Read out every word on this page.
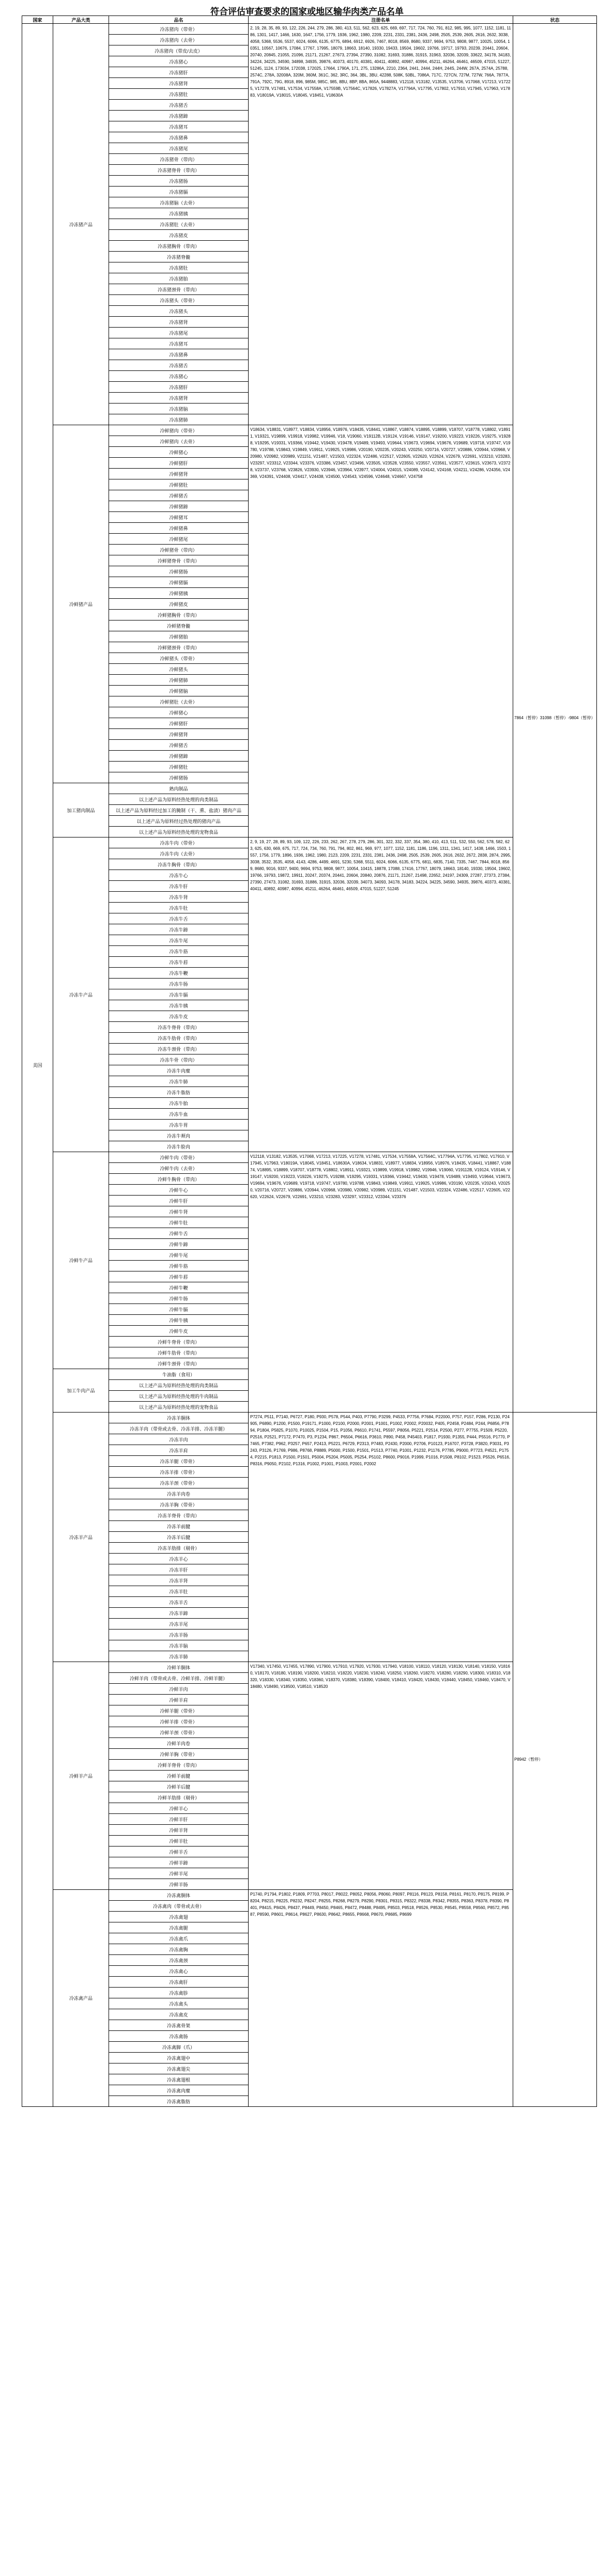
符合评估审查要求的国家或地区输华肉类产品名单
国家	产品大类	品名	注册名单	状态
美国	冷冻猪产品	冷冻猪肉（带骨）	2, 19, 28, 35, 89, 93, 122, 226, 244, 279, 286, 380, 413, 511, 562, 623, 625, 669, 697, 717, 724, 760, 791, 812, 985, 995, 1077, 1152, 1181, 1186, 1301, 1417, 1466, 1630, 1647, 1756, 1779, 1936, 1962, 1980, 2209, 2231, 2331, 2381, 2436, 2498, 2505, 2539, 2605, 2616, 2632, 3038, 4058, 5368, 5536, 5537, 6024, 6066, 6135, 6775, 6894, 6912, 6926, 7467, 8018, 8569, 8680, 9337, 9694, 9753, 9808, 9877, 10025, 10054, 10351, 10567, 10676, 17084, 17767, 17995, 18079, 18663, 18140, 19330, 19433, 19504, 19602, 19766, 19717, 19793, 20239, 20441, 20604, 20740, 20845, 21055, 21096, 21171, 21267, 27673, 27394, 27390, 31082, 31693, 31886, 31915, 31963, 32036, 32039, 33622, 34178, 34183, 34224, 34225, 34590, 34898, 34935, 39876, 40373, 40170, 40381, 40411, 40892, 40987, 40994, 45211, 46264, 46461, 46509, 47015, 51227, 51245, 1124, 173034, 172038, 172025, 17664, 1790A, 171, 275, 13286A, 2210, 2364, 2441, 2444, 244H, 244S, 244W, 267A, 2574A, 25788, 2574C, 278A, 32008A, 320M, 360M, 361C, 362, 3RC, 364, 3BL, 3BU, 42288, 508K, 50BL, 7086A, 717C, 727CN, 727M, 727W, 766A, 7877A, 791A, 792C, 79G, 8918, 896, 985M, 985C, 985, 8BU, 8BP, 8BA, 865A, 9448883, V12118, V13182, V13535, V13706, V17068, V17213, V17225, V17278, V17481, V17534, V17558A, V17559B, V17564C, V17826, V17827A, V17794A, V17795, V17802, V17910, V17945, V17963, V17883, V18019A, V18015, V18045, V18451, V18630A	7864（暂停）31098（暂停）-9804（暂停）
		冷冻猪肉（去骨）		
		冷冻猪肉（带皮/去皮）		
		冷冻猪心		
		冷冻猪肝		
		冷冻猪肾		
		冷冻猪肚		
		冷冻猪舌		
		冷冻猪蹄		
		冷冻猪耳		
		冷冻猪鼻		
		冷冻猪尾		
		冷冻猪骨（带肉）		
		冷冻猪脊骨（带肉）		
		冷冻猪肠		
		冷冻猪膈		
		冷冻猪脑（去骨）		
		冷冻猪胰		
		冷冻猪肚（去骨）		
		冷冻猪皮		
		冷冻猪胸骨（带肉）		
		冷冻猪脊髓		
		冷冻猪肚		
		冷冻猪胎		
		冷冻猪颈骨（带肉）		
		冷冻猪头（带骨）		
		冷冻猪头		
		冷冻猪肾		
		冷冻猪尾		
		冷冻猪耳		
		冷冻猪鼻		
		冷冻猪舌		
		冷冻猪心		
		冷冻猪肝		
		冷冻猪肾		
		冷冻猪脑		
		冷冻猪肺		
	冷鲜猪产品	冷鲜猪肉（带骨）	V18634, V18831, V18977, V18834, V18956, V18976, V18435, V18441, V18867, V18874, V18895, V18899, V18707, V18778, V18802, V18911, V19321, V19899, V19918, V19982, V19946, V18, V19060, V19112B, V19124, V19146, V19147, V19200, V19223, V19226, V19275, V19288, V19295, V19331, V19366, V19442, V19430, V19478, V19489, V19493, V19644, V19673, V19694, V19676, V19689, V19718, V19747, V19780, V19788, V19843, V19849, V19911, V19925, V19986, V20190, V20235, V20243, V20250, V20716, V20727, V20886, V20944, V20968, V20980, V20982, V20989, V21151, V21487, V21503, V22324, V22486, V22517, V22605, V22620, V22624, V22679, V22691, V23210, V23283, V23297, V23312, V23344, V23376, V23386, V23457, V23496, V23505, V23528, V23550, V23557, V23561, V23577, V23615, V23673, V23728, V23737, V23768, V23826, V23930, V23946, V23964, V23977, V24004, V24015, V24089, V24142, V24168, V24211, V24286, V24356, V24369, V24391, V24408, V24417, V24438, V24500, V24543, V24596, V24648, V24667, V24758	
		冷鲜猪肉（去骨）		
		冷鲜猪心		
		冷鲜猪肝		
		冷鲜猪肾		
		冷鲜猪肚		
		冷鲜猪舌		
		冷鲜猪蹄		
		冷鲜猪耳		
		冷鲜猪鼻		
		冷鲜猪尾		
		冷鲜猪骨（带肉）		
		冷鲜猪脊骨（带肉）		
		冷鲜猪肠		
		冷鲜猪膈		
		冷鲜猪胰		
		冷鲜猪皮		
		冷鲜猪胸骨（带肉）		
		冷鲜猪脊髓		
		冷鲜猪胎		
		冷鲜猪颈骨（带肉）		
		冷鲜猪头（带骨）		
		冷鲜猪头		
		冷鲜猪肺		
		冷鲜猪脑		
		冷鲜猪肚（去骨）		
		冷鲜猪心		
		冷鲜猪肝		
		冷鲜猪肾		
		冷鲜猪舌		
		冷鲜猪蹄		
		冷鲜猪肚		
		冷鲜猪肠		
	加工猪肉制品	熟肉制品		
		以上述产品为原料经热处理的肉类制品		
		以上述产品为原料经过加工的腌制（干、熏、盐渍）猪肉产品		
		以上述产品为原料经过热处理的猪肉产品		
		以上述产品为原料经热处理的宠物食品		
	冷冻牛产品	冷冻牛肉（带骨）	2, 9, 19, 27, 28, 89, 93, 109, 122, 226, 233, 262, 267, 278, 279, 286, 301, 322, 332, 337, 354, 380, 410, 413, 511, 532, 550, 562, 578, 582, 623, 625, 630, 669, 675, 717, 724, 734, 760, 791, 794, 802, 861, 969, 977, 1077, 1152, 1181, 1186, 1196, 1311, 1341, 1417, 1438, 1466, 1503, 1557, 1756, 1779, 1896, 1936, 1962, 1980, 2123, 2209, 2231, 2331, 2381, 2436, 2498, 2505, 2539, 2605, 2616, 2632, 2672, 2838, 2874, 2995, 3038, 3532, 3535, 4058, 4143, 4286, 4499, 4691, 5230, 5368, 5511, 6024, 6066, 6135, 6775, 6811, 6835, 7140, 7335, 7467, 7844, 8018, 8569, 8680, 9016, 9337, 9400, 9694, 9753, 9808, 9877, 10054, 10415, 18878, 17088, 17416, 17767, 18079, 18663, 18140, 19330, 19504, 19602, 19766, 19793, 19872, 19911, 20247, 20374, 20441, 20604, 20840, 20876, 21171, 21267, 21498, 22652, 24197, 24309, 27287, 27373, 27384, 27390, 27473, 31082, 31693, 31886, 31915, 32036, 32039, 34073, 34093, 34178, 34183, 34224, 34225, 34590, 34935, 39876, 40373, 40381, 40411, 40892, 40987, 40994, 45211, 46264, 46461, 46509, 47015, 51227, 51245	
		冷冻牛肉（去骨）		
		冷冻牛胸骨（带肉）		
		冷冻牛心		
		冷冻牛肝		
		冷冻牛肾		
		冷冻牛肚		
		冷冻牛舌		
		冷冻牛蹄		
		冷冻牛尾		
		冷冻牛筋		
		冷冻牛唇		
		冷冻牛鞭		
		冷冻牛肠		
		冷冻牛膈		
		冷冻牛胰		
		冷冻牛皮		
		冷冻牛脊骨（带肉）		
		冷冻牛肋骨（带肉）		
		冷冻牛颈骨（带肉）		
		冷冻牛骨（带肉）		
		冷冻牛肉糜		
		冷冻牛肺		
		冷冻牛脂肪		
		冷冻牛胎		
		冷冻牛血		
		冷冻牛胃		
		冷冻牛颊肉		
		冷冻牛脸肉		
	冷鲜牛产品	冷鲜牛肉（带骨）	V12118, V13182, V13535, V17068, V17213, V17225, V17278, V17481, V17534, V17558A, V17564C, V17794A, V17795, V17802, V17910, V17945, V17963, V18019A, V18045, V18451, V18630A, V18634, V18831, V18977, V18834, V18956, V18976, V18435, V18441, V18867, V18874, V18895, V18899, V18707, V18778, V18802, V18911, V19321, V19899, V19918, V19982, V19946, V19060, V19112B, V19124, V19146, V19147, V19200, V19223, V19226, V19275, V19288, V19295, V19331, V19366, V19442, V19430, V19478, V19489, V19493, V19644, V19673, V19694, V19676, V19689, V19718, V19747, V19780, V19788, V19843, V19849, V19911, V19925, V19986, V20190, V20235, V20243, V20250, V20716, V20727, V20886, V20944, V20968, V20980, V20982, V20989, V21151, V21487, V21503, V22324, V22486, V22517, V22605, V22620, V22624, V22679, V22691, V23210, V23283, V23297, V23312, V23344, V23376	
		冷鲜牛肉（去骨）		
		冷鲜牛胸骨（带肉）		
		冷鲜牛心		
		冷鲜牛肝		
		冷鲜牛肾		
		冷鲜牛肚		
		冷鲜牛舌		
		冷鲜牛蹄		
		冷鲜牛尾		
		冷鲜牛筋		
		冷鲜牛唇		
		冷鲜牛鞭		
		冷鲜牛肠		
		冷鲜牛膈		
		冷鲜牛胰		
		冷鲜牛皮		
		冷鲜牛脊骨（带肉）		
		冷鲜牛肋骨（带肉）		
		冷鲜牛颈骨（带肉）		
	加工牛肉产品	牛油脂（食用）		
		以上述产品为原料经热处理的肉类制品		
		以上述产品为原料经热处理的牛肉制品		
		以上述产品为原料经热处理的宠物食品		
	冷冻羊产品	冷冻羊胴体	P7274, P511, P7140, P6727, P180, P930, P578, P544, P403, P7790, P3299, P4533, P7756, P7684, P22000, P757, P157, P286, P2130, P24905, P6890, P1200, P1500, P19171, P1000, P2100, P2000, P2001, P1001, P1002, P2002, P20032, P405, P2458, P2484, P244, P6856, P7894, P1804, P5825, P1070, P10025, P1504, P15, P1056, P6610, P1741, P5597, P8056, P5221, P2514, P2500, P277, P7755, P1509, P5220, P2516, P2521, P7172, P7470, P3, P1234, P867, P6504, P6616, P3610, P890, P458, P45403, P1817, P1930, P1355, P444, P5516, P1770, P7465, P7382, P962, P3257, P657, P2413, P5221, P6729, P2313, P7483, P2430, P2000, P2706, P10123, P16707, P3728, P3820, P3031, P3243, P3126, P1769, P986, P8768, P8889, P5000, P1500, P1501, P1513, P7740, P1001, P1232, P1176, P7785, P9000, P7723, P4521, P1754, P2215, P1813, P1500, P1501, P5004, P5204, P5005, P5254, P5102, P8600, P9016, P1999, P1016, P1508, P8102, P1523, P5526, P6516, P8316, P9050, P2102, P1316, P1002, P1001, P1003, P2001, P2002	P8942（暂停）
		冷冻羊肉（带骨或去骨、冷冻羊排、冷冻羊腿）		
		冷冻羊肉		
		冷冻羊肩		
		冷冻羊腿（带骨）		
		冷冻羊排（带骨）		
		冷冻羊颈（带骨）		
		冷冻羊肉卷		
		冷冻羊胸（带骨）		
		冷冻羊脊骨（带肉）		
		冷冻羊前腱		
		冷冻羊后腱		
		冷冻羊肋排（剔骨）		
		冷冻羊心		
		冷冻羊肝		
		冷冻羊肾		
		冷冻羊肚		
		冷冻羊舌		
		冷冻羊蹄		
		冷冻羊尾		
		冷冻羊肠		
		冷冻羊脑		
		冷冻羊肺		
	冷鲜羊产品	冷鲜羊胴体	V17340, V17450, V17455, V17890, V17900, V17910, V17920, V17930, V17940, V18100, V18110, V18120, V18130, V18140, V18150, V18160, V18170, V18180, V18190, V18200, V18210, V18220, V18230, V18240, V18250, V18260, V18270, V18280, V18290, V18300, V18310, V18320, V18330, V18340, V18350, V18360, V18370, V18380, V18390, V18400, V18410, V18420, V18430, V18440, V18450, V18460, V18470, V18480, V18490, V18500, V18510, V18520	
		冷鲜羊肉（带骨或去骨、冷鲜羊排、冷鲜羊腿）		
		冷鲜羊肉		
		冷鲜羊肩		
		冷鲜羊腿（带骨）		
		冷鲜羊排（带骨）		
		冷鲜羊颈（带骨）		
		冷鲜羊肉卷		
		冷鲜羊胸（带骨）		
		冷鲜羊脊骨（带肉）		
		冷鲜羊前腱		
		冷鲜羊后腱		
		冷鲜羊肋排（剔骨）		
		冷鲜羊心		
		冷鲜羊肝		
		冷鲜羊肾		
		冷鲜羊肚		
		冷鲜羊舌		
		冷鲜羊蹄		
		冷鲜羊尾		
		冷鲜羊肠		
	冷冻禽产品	冷冻禽胴体	P1740, P1794, P1802, P1809, P7703, P8017, P8022, P8052, P8056, P8060, P8097, P8116, P8123, P8158, P8161, P8170, P8175, P8199, P8204, P8215, P8225, P8232, P8247, P8255, P8268, P8279, P8290, P8301, P8315, P8322, P8338, P8342, P8355, P8363, P8378, P8390, P8401, P8415, P8426, P8437, P8449, P8450, P8465, P8472, P8488, P8495, P8503, P8518, P8526, P8530, P8545, P8558, P8560, P8572, P8587, P8590, P8601, P8614, P8627, P8630, P8642, P8655, P8668, P8670, P8685, P8699	
		冷冻禽肉（带骨或去骨）		
		冷冻禽翅		
		冷冻禽腿		
		冷冻禽爪		
		冷冻禽胸		
		冷冻禽颈		
		冷冻禽心		
		冷冻禽肝		
		冷冻禽胗		
		冷冻禽头		
		冷冻禽皮		
		冷冻禽骨架		
		冷冻禽肠		
		冷冻禽脚（爪）		
		冷冻禽翅中		
		冷冻禽翅尖		
		冷冻禽翅根		
		冷冻禽肉糜		
		冷冻禽脂肪		
